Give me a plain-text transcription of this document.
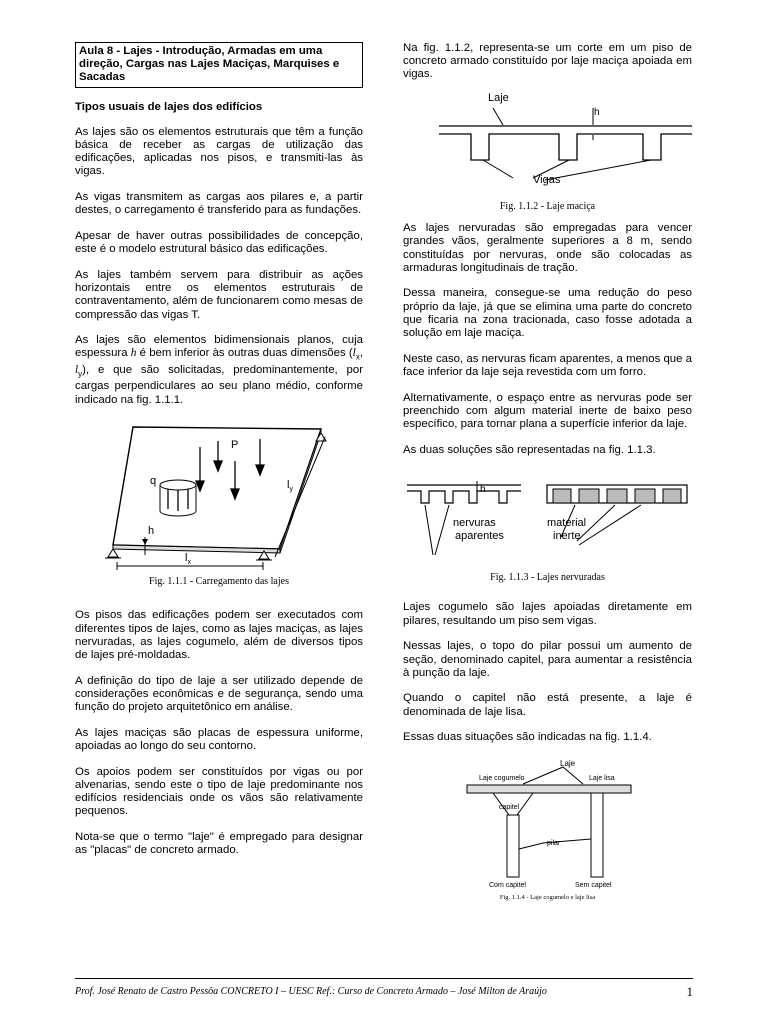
Aula 8 - Lajes - Introdução, Armadas em uma direção, Cargas nas Lajes Maciças, Marquises e Sacadas
Tipos usuais de lajes dos edifícios

As lajes são os elementos estruturais que têm a função básica de receber as cargas de utilização das edificações, aplicadas nos pisos, e transmiti-las às vigas.

As vigas transmitem as cargas aos pilares e, a partir destes, o carregamento é transferido para as fundações.

Apesar de haver outras possibilidades de concepção, este é o modelo estrutural básico das edificações.

As lajes também servem para distribuir as ações horizontais entre os elementos estruturais de contraventamento, além de funcionarem como mesas de compressão das vigas T.

As lajes são elementos bidimensionais planos, cuja espessura h é bem inferior às outras duas dimensões ($l_x$, $l_y$), e que são solicitadas, predominantemente, por cargas perpendiculares ao seu plano médio, conforme indicado na fig. 1.1.1.

P
q
h
$l_x$
$l_y$
Fig. 1.1.1 - Carregamento das lajes

Os pisos das edificações podem ser executados com diferentes tipos de lajes, como as lajes maciças, as lajes nervuradas, as lajes cogumelo, além de diversos tipos de lajes pré-moldadas.

A definição do tipo de laje a ser utilizado depende de considerações econômicas e de segurança, sendo uma função do projeto arquitetônico em análise.

As lajes maciças são placas de espessura uniforme, apoiadas ao longo do seu contorno.

Os apoios podem ser constituídos por vigas ou por alvenarias, sendo este o tipo de laje predominante nos edifícios residenciais onde os vãos são relativamente pequenos.

Nota-se que o termo "laje" é empregado para designar as "placas" de concreto armado.

Na fig. 1.1.2, representa-se um corte em um piso de concreto armado constituído por laje maciça apoiada em vigas.

Laje
h
Vigas
Fig. 1.1.2 - Laje maciça

As lajes nervuradas são empregadas para vencer grandes vãos, geralmente superiores a 8 m, sendo constituídas por nervuras, onde são colocadas as armaduras longitudinais de tração.

Dessa maneira, consegue-se uma redução do peso próprio da laje, já que se elimina uma parte do concreto que ficaria na zona tracionada, caso fosse adotada a solução em laje maciça.

Neste caso, as nervuras ficam aparentes, a menos que a face inferior da laje seja revestida com um forro.

Alternativamente, o espaço entre as nervuras pode ser preenchido com algum material inerte de baixo peso específico, para tornar plana a superfície inferior da laje.

As duas soluções são representadas na fig. 1.1.3.

h
nervuras
aparentes
material
inerte
Fig. 1.1.3 - Lajes nervuradas

Lajes cogumelo são lajes apoiadas diretamente em pilares, resultando um piso sem vigas.

Nessas lajes, o topo do pilar possui um aumento de seção, denominado capitel, para aumentar a resistência à punção da laje.

Quando o capitel não está presente, a laje é denominada de laje lisa.

Essas duas situações são indicadas na fig. 1.1.4.

Laje
Laje cogumelo	Laje lisa
capitel
pilar
Com capitel	Sem capitel
Fig. 1.1.4 - Laje cogumelo e laje lisa
Prof. José Renato de Castro Pessôa CONCRETO I – UESC Ref.: Curso de Concreto Armado – José Milton de Araújo	1
